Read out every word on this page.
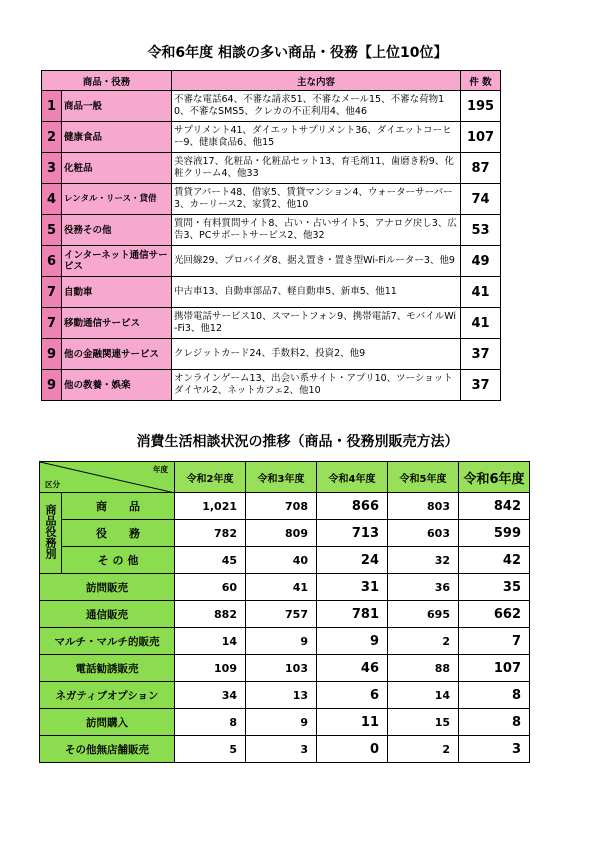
令和6年度 相談の多い商品・役務【上位10位】
商品・役務		主な内容	件 数
1	商品一般	不審な電話64、不審な請求51、不審なメール15、不審な荷物10、不審なSMS5、クレカの不正利用4、他46	195
2	健康食品	サプリメント41、ダイエットサプリメント36、ダイエットコーヒー9、健康食品6、他15	107
3	化粧品	美容液17、化粧品・化粧品セット13、育毛剤11、歯磨き粉9、化粧クリーム4、他33	87
4	レンタル・リース・貸借	賃貸アパート48、借家5、賃貸マンション4、ウォーターサーバー3、カーリース2、家賃2、他10	74
5	役務その他	質問・有料質問サイト8、占い・占いサイト5、アナログ戻し3、広告3、PCサポートサービス2、他32	53
6	インターネット通信サービス	光回線29、プロバイダ8、据え置き・置き型Wi-Fiルーター3、他9	49
7	自動車	中古車13、自動車部品7、軽自動車5、新車5、他11	41
7	移動通信サービス	携帯電話サービス10、スマートフォン9、携帯電話7、モバイルWi-Fi3、他12	41
9	他の金融関連サービス	クレジットカード24、手数料2、投資2、他9	37
9	他の教養・娯楽	オンラインゲーム13、出会い系サイト・アプリ10、ツーショットダイヤル2、ネットカフェ2、他10	37
消費生活相談状況の推移（商品・役務別販売方法）
年度
区分		令和2年度	令和3年度	令和4年度	令和5年度	令和6年度
商品役務別	商　　品	1,021	708	866	803	842
	役　　務	782	809	713	603	599
	そ の 他	45	40	24	32	42
訪問販売		60	41	31	36	35
通信販売		882	757	781	695	662
マルチ・マルチ的販売		14	9	9	2	7
電話勧誘販売		109	103	46	88	107
ネガティブオプション		34	13	6	14	8
訪問購入		8	9	11	15	8
その他無店舗販売		5	3	0	2	3
